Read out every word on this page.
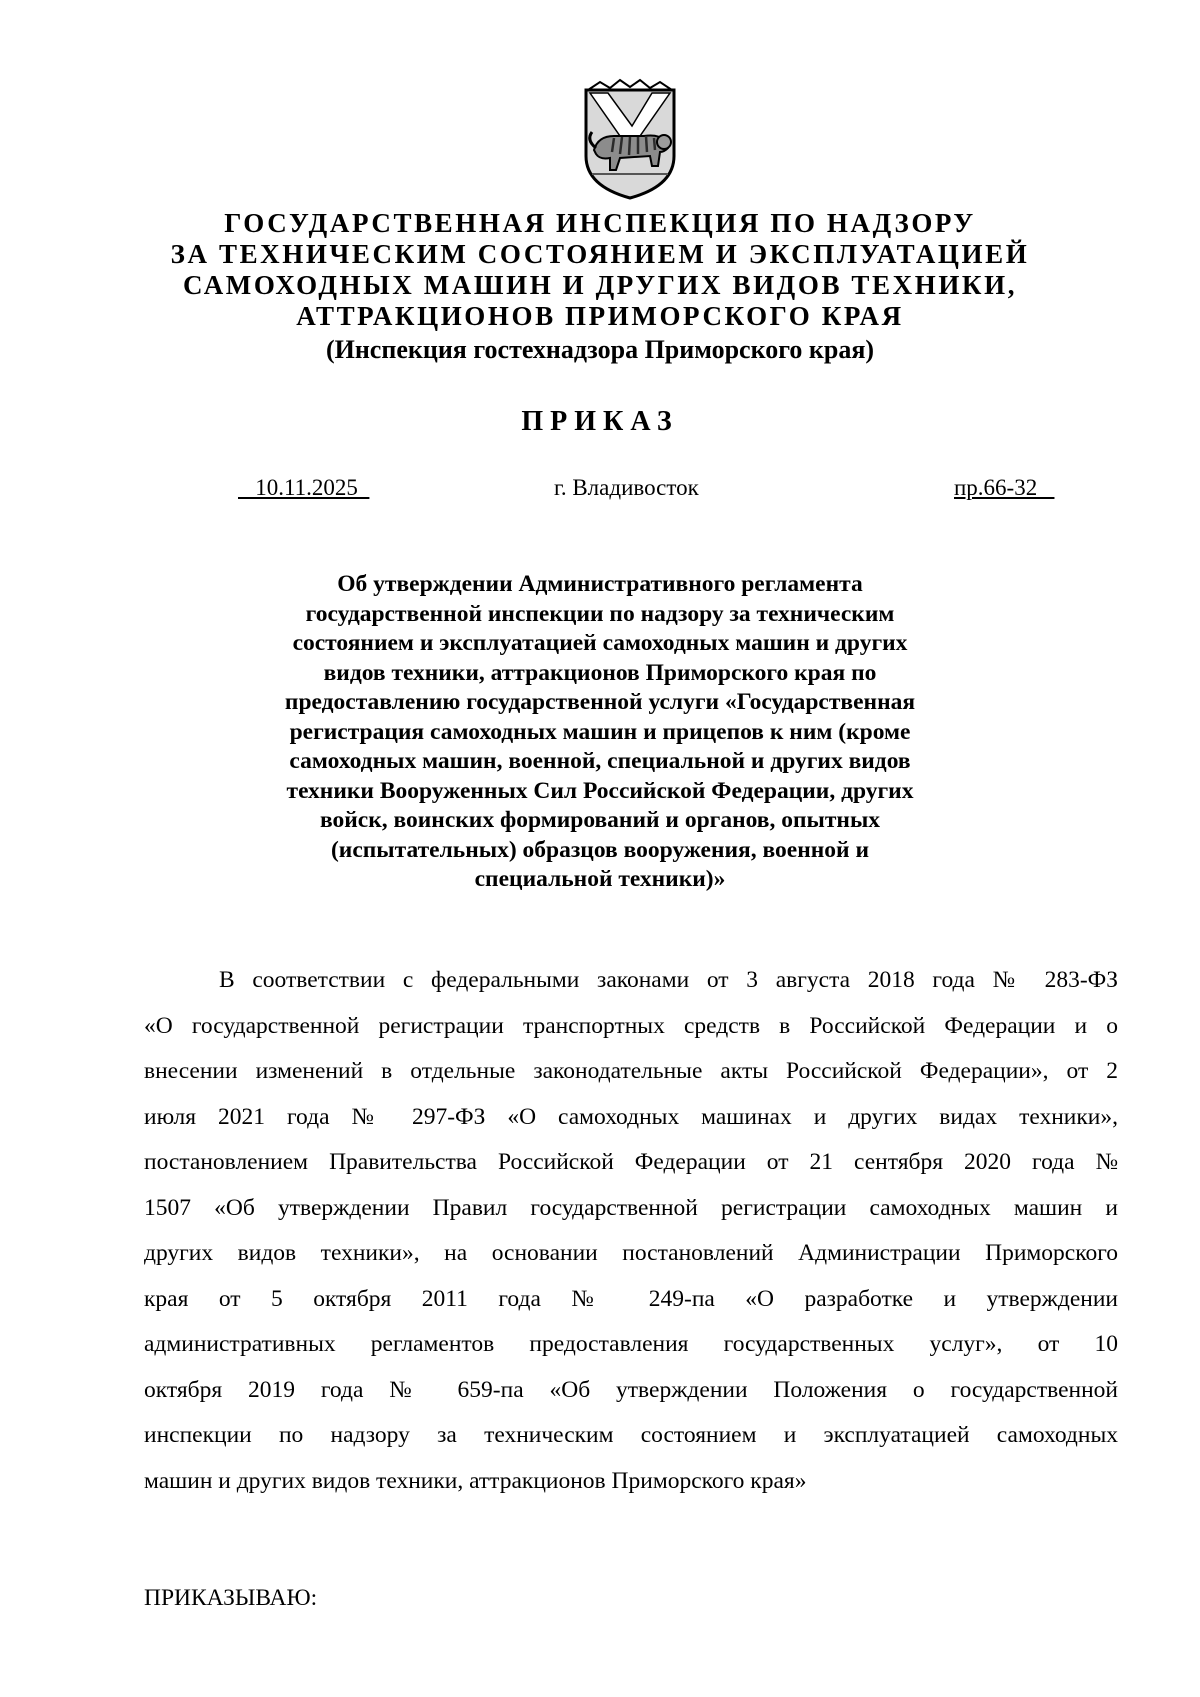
ГОСУДАРСТВЕННАЯ ИНСПЕКЦИЯ ПО НАДЗОРУ
ЗА ТЕХНИЧЕСКИМ СОСТОЯНИЕМ И ЭКСПЛУАТАЦИЕЙ
САМОХОДНЫХ МАШИН И ДРУГИХ ВИДОВ ТЕХНИКИ,
АТТРАКЦИОНОВ ПРИМОРСКОГО КРАЯ
(Инспекция гостехнадзора Приморского края)
ПРИКАЗ
10.11.2025	г. Владивосток	пр.66-32
Об утверждении Административного регламента
государственной инспекции по надзору за техническим
состоянием и эксплуатацией самоходных машин и других
видов техники, аттракционов Приморского края по
предоставлению государственной услуги «Государственная
регистрация самоходных машин и прицепов к ним (кроме
самоходных машин, военной, специальной и других видов
техники Вооруженных Сил Российской Федерации, других
войск, воинских формирований и органов, опытных
(испытательных) образцов вооружения, военной и
специальной техники)»
В соответствии с федеральными законами от 3 августа 2018 года № 283-ФЗ
«О государственной регистрации транспортных средств в Российской Федерации и о
внесении изменений в отдельные законодательные акты Российской Федерации», от 2
июля 2021 года № 297-ФЗ «О самоходных машинах и других видах техники»,
постановлением Правительства Российской Федерации от 21 сентября 2020 года №
1507 «Об утверждении Правил государственной регистрации самоходных машин и
других видов техники», на основании постановлений Администрации Приморского
края от 5 октября 2011 года № 249-па «О разработке и утверждении
административных регламентов предоставления государственных услуг», от 10
октября 2019 года № 659-па «Об утверждении Положения о государственной
инспекции по надзору за техническим состоянием и эксплуатацией самоходных
машин и других видов техники, аттракционов Приморского края»
ПРИКАЗЫВАЮ:
